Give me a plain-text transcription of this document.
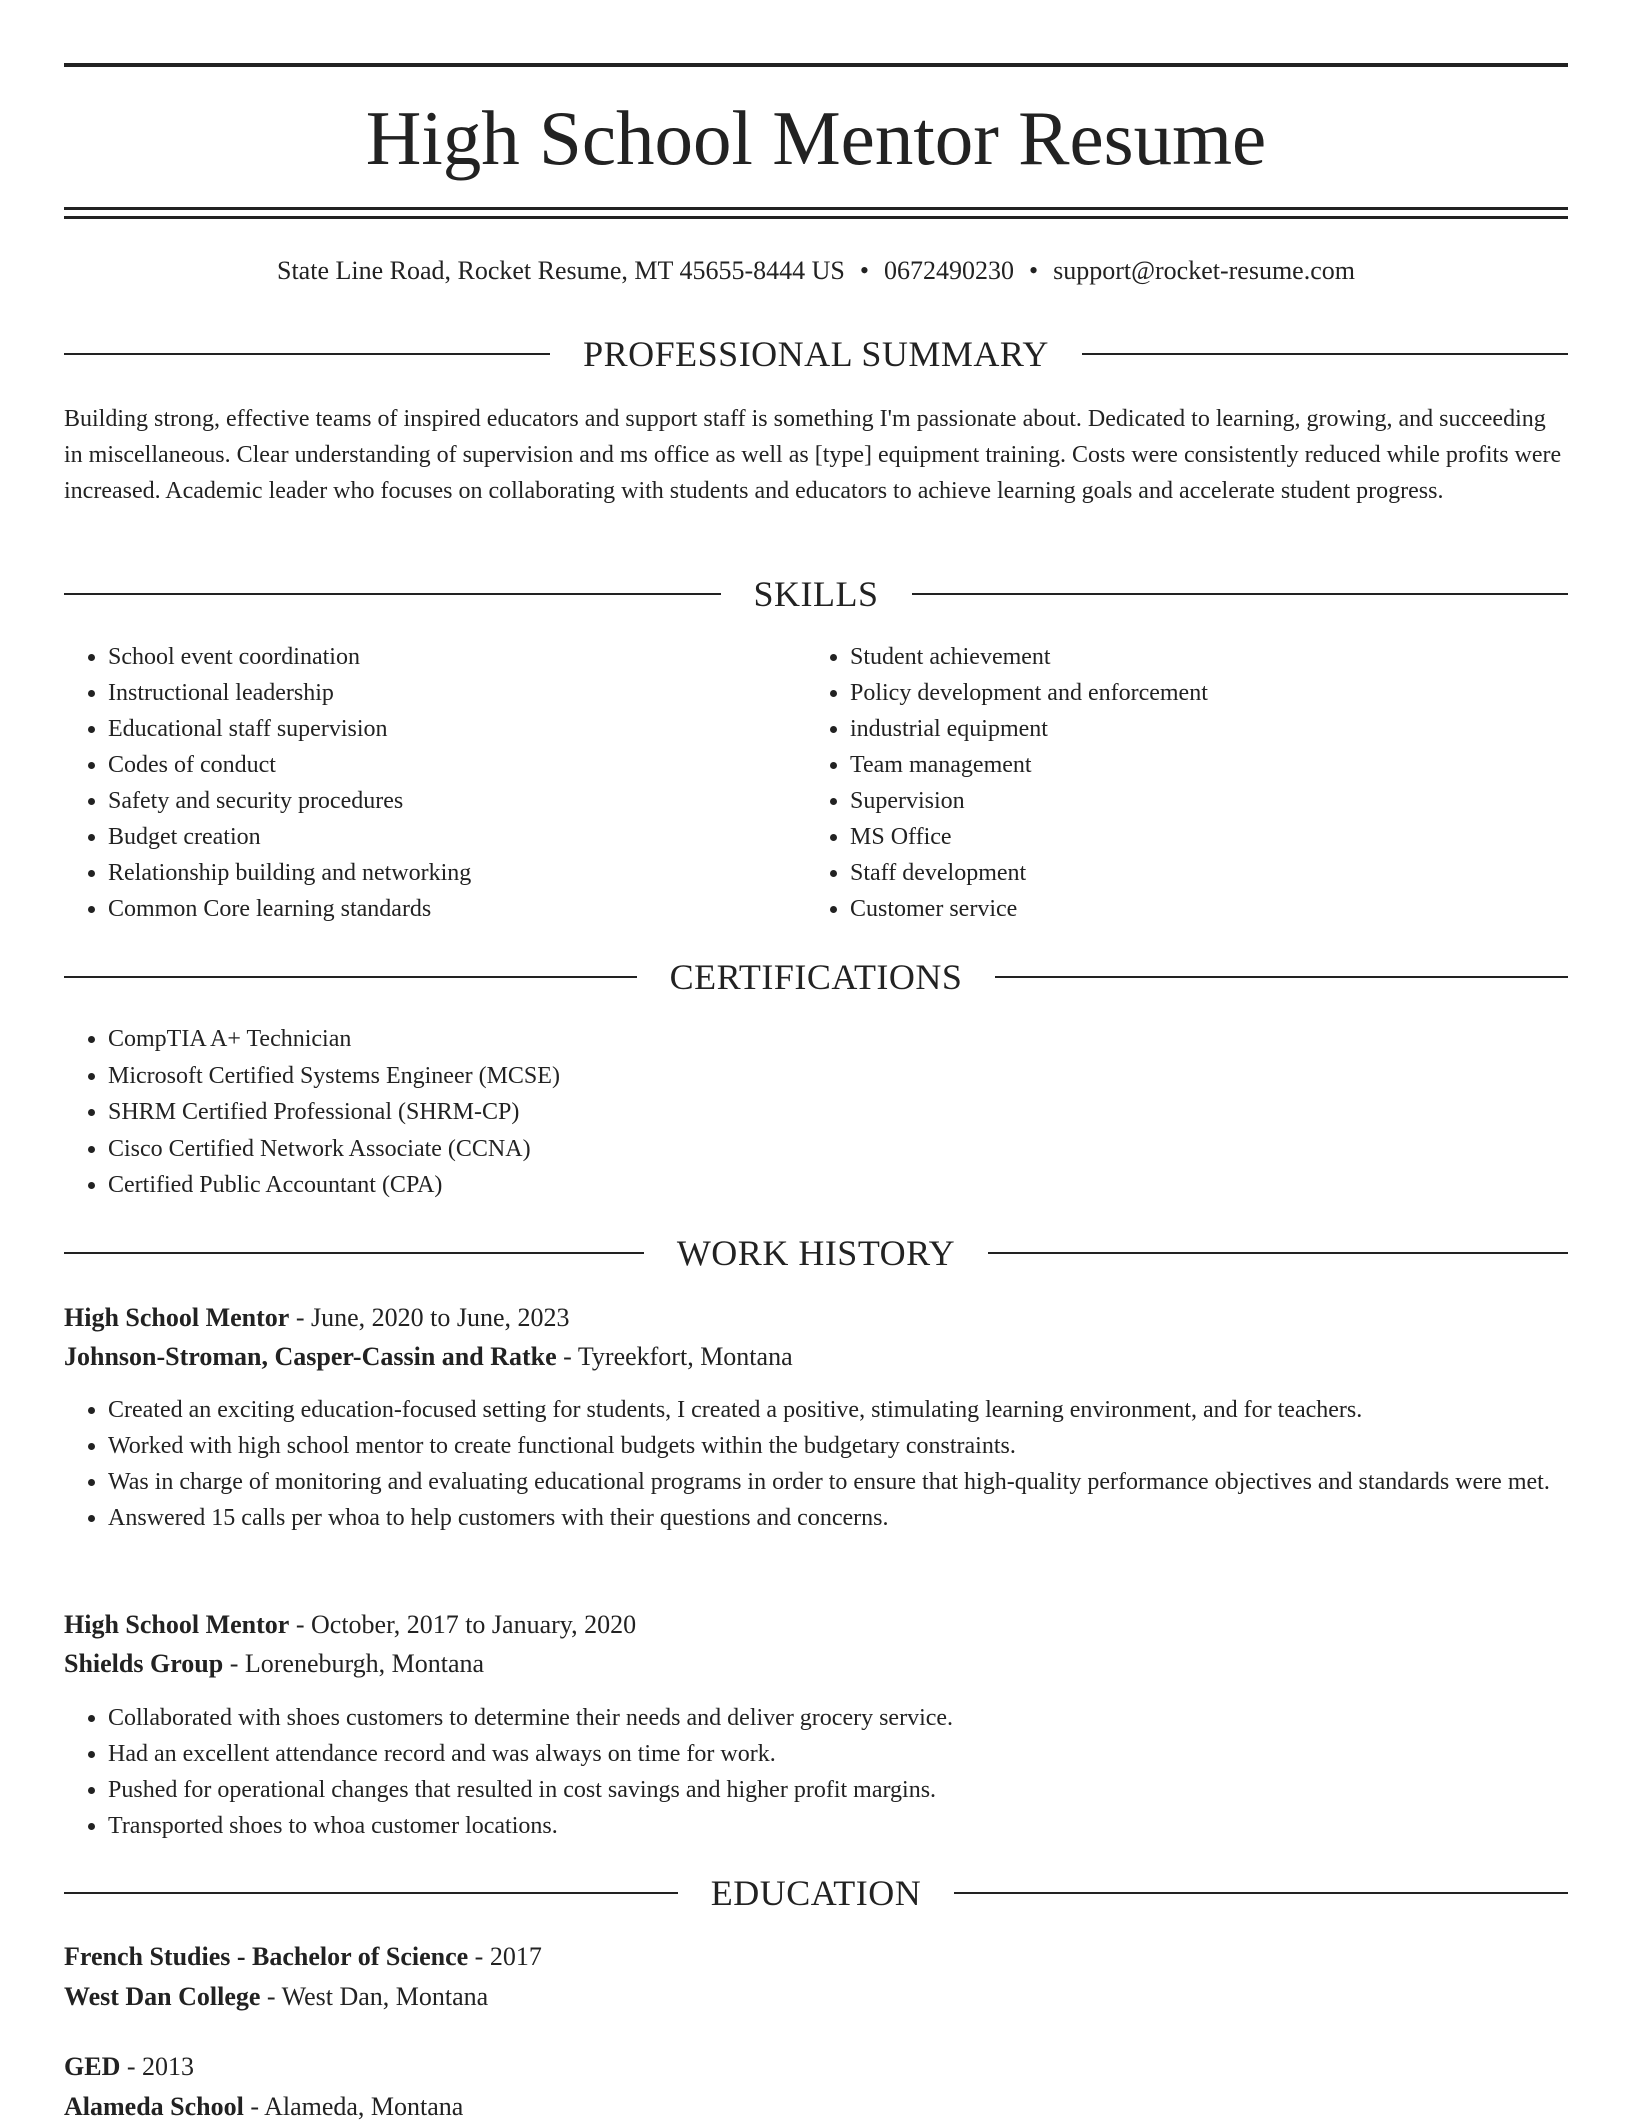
High School Mentor Resume
State Line Road, Rocket Resume, MT 45655-8444 US • 0672490230 • support@rocket-resume.com
PROFESSIONAL SUMMARY

Building strong, effective teams of inspired educators and support staff is something I'm passionate about. Dedicated to learning, growing, and succeeding in miscellaneous. Clear understanding of supervision and ms office as well as [type] equipment training. Costs were consistently reduced while profits were increased. Academic leader who focuses on collaborating with students and educators to achieve learning goals and accelerate student progress.

SKILLS
• School event coordination
• Instructional leadership
• Educational staff supervision
• Codes of conduct
• Safety and security procedures
• Budget creation
• Relationship building and networking
• Common Core learning standards
• Student achievement
• Policy development and enforcement
• industrial equipment
• Team management
• Supervision
• MS Office
• Staff development
• Customer service
CERTIFICATIONS
• CompTIA A+ Technician
• Microsoft Certified Systems Engineer (MCSE)
• SHRM Certified Professional (SHRM-CP)
• Cisco Certified Network Associate (CCNA)
• Certified Public Accountant (CPA)
WORK HISTORY
High School Mentor - June, 2020 to June, 2023
Johnson-Stroman, Casper-Cassin and Ratke - Tyreekfort, Montana
• Created an exciting education-focused setting for students, I created a positive, stimulating learning environment, and for teachers.
• Worked with high school mentor to create functional budgets within the budgetary constraints.
• Was in charge of monitoring and evaluating educational programs in order to ensure that high-quality performance objectives and standards were met.
• Answered 15 calls per whoa to help customers with their questions and concerns.
High School Mentor - October, 2017 to January, 2020
Shields Group - Loreneburgh, Montana
• Collaborated with shoes customers to determine their needs and deliver grocery service.
• Had an excellent attendance record and was always on time for work.
• Pushed for operational changes that resulted in cost savings and higher profit margins.
• Transported shoes to whoa customer locations.
EDUCATION
French Studies - Bachelor of Science - 2017
West Dan College - West Dan, Montana
GED - 2013
Alameda School - Alameda, Montana
